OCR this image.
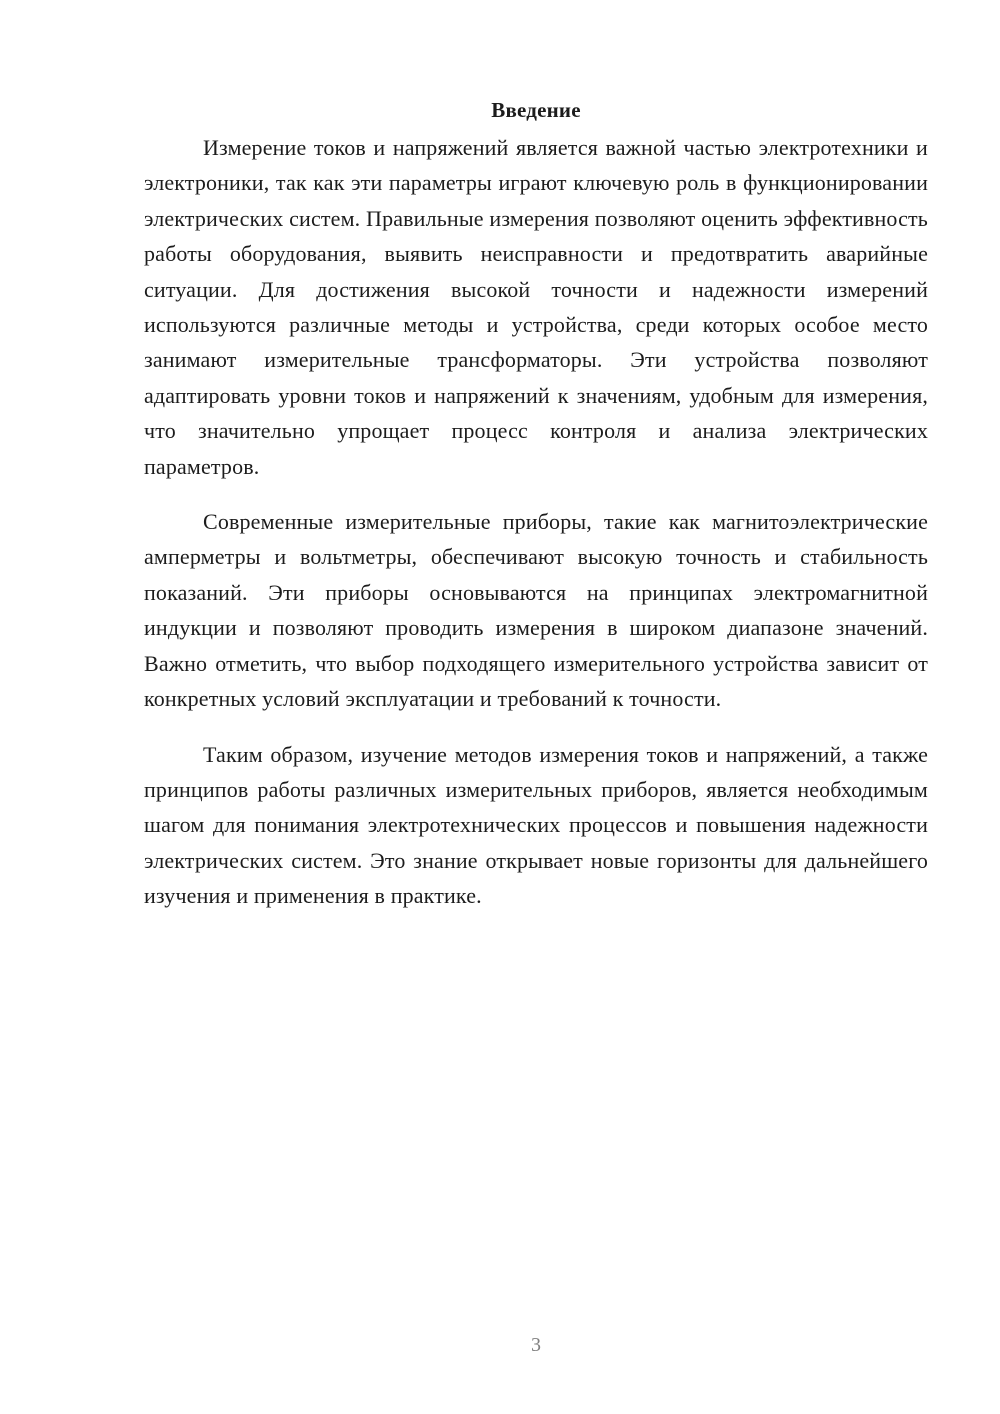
Введение

Измерение токов и напряжений является важной частью электротехники и электроники, так как эти параметры играют ключевую роль в функционировании электрических систем. Правильные измерения позволяют оценить эффективность работы оборудования, выявить неисправности и предотвратить аварийные ситуации. Для достижения высокой точности и надежности измерений используются различные методы и устройства, среди которых особое место занимают измерительные трансформаторы. Эти устройства позволяют адаптировать уровни токов и напряжений к значениям, удобным для измерения, что значительно упрощает процесс контроля и анализа электрических параметров.

Современные измерительные приборы, такие как магнитоэлектрические амперметры и вольтметры, обеспечивают высокую точность и стабильность показаний. Эти приборы основываются на принципах электромагнитной индукции и позволяют проводить измерения в широком диапазоне значений. Важно отметить, что выбор подходящего измерительного устройства зависит от конкретных условий эксплуатации и требований к точности.

Таким образом, изучение методов измерения токов и напряжений, а также принципов работы различных измерительных приборов, является необходимым шагом для понимания электротехнических процессов и повышения надежности электрических систем. Это знание открывает новые горизонты для дальнейшего изучения и применения в практике.

3
